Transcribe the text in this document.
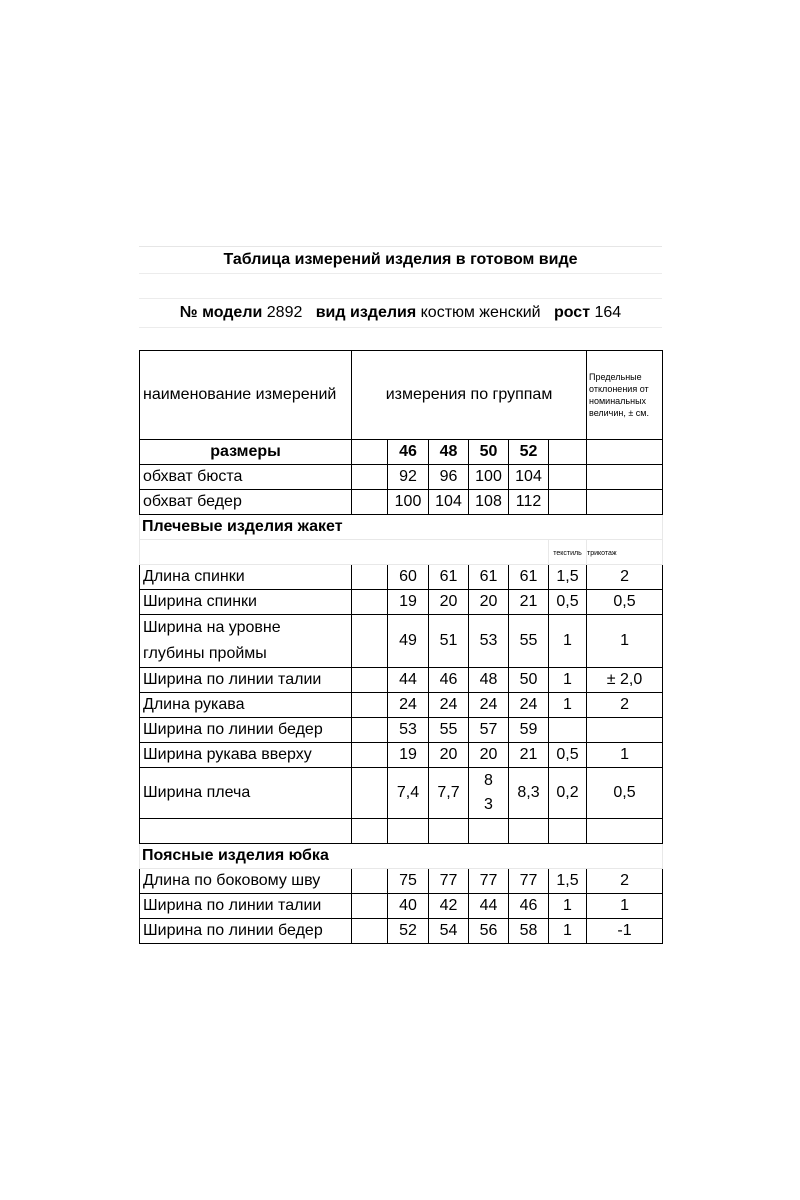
Таблица измерений изделия в готовом виде
№ модели
2892
вид изделия
костюм женский
рост
164
наименование измерений	измерения по группам						Предельные отклонения от номинальных величин, ± см.
размеры		46	48	50	52		
обхват бюста		92	96	100	104		
обхват бедер		100	104	108	112		
Плечевые изделия жакет							
						текстиль	трикотаж
Длина спинки		60	61	61	61	1,5	2
Ширина спинки		19	20	20	21	0,5	0,5
Ширина на уровне глубины проймы		49	51	53	55	1	1
Ширина по линии талии		44	46	48	50	1	± 2,0
Длина рукава		24	24	24	24	1	2
Ширина по линии бедер		53	55	57	59		
Ширина рукава вверху		19	20	20	21	0,5	1
Ширина плеча		7,4	7,7	8 3	8,3	0,2	0,5

Поясные изделия юбка							
Длина по боковому шву		75	77	77	77	1,5	2
Ширина по линии талии		40	42	44	46	1	1
Ширина по линии бедер		52	54	56	58	1	-1
